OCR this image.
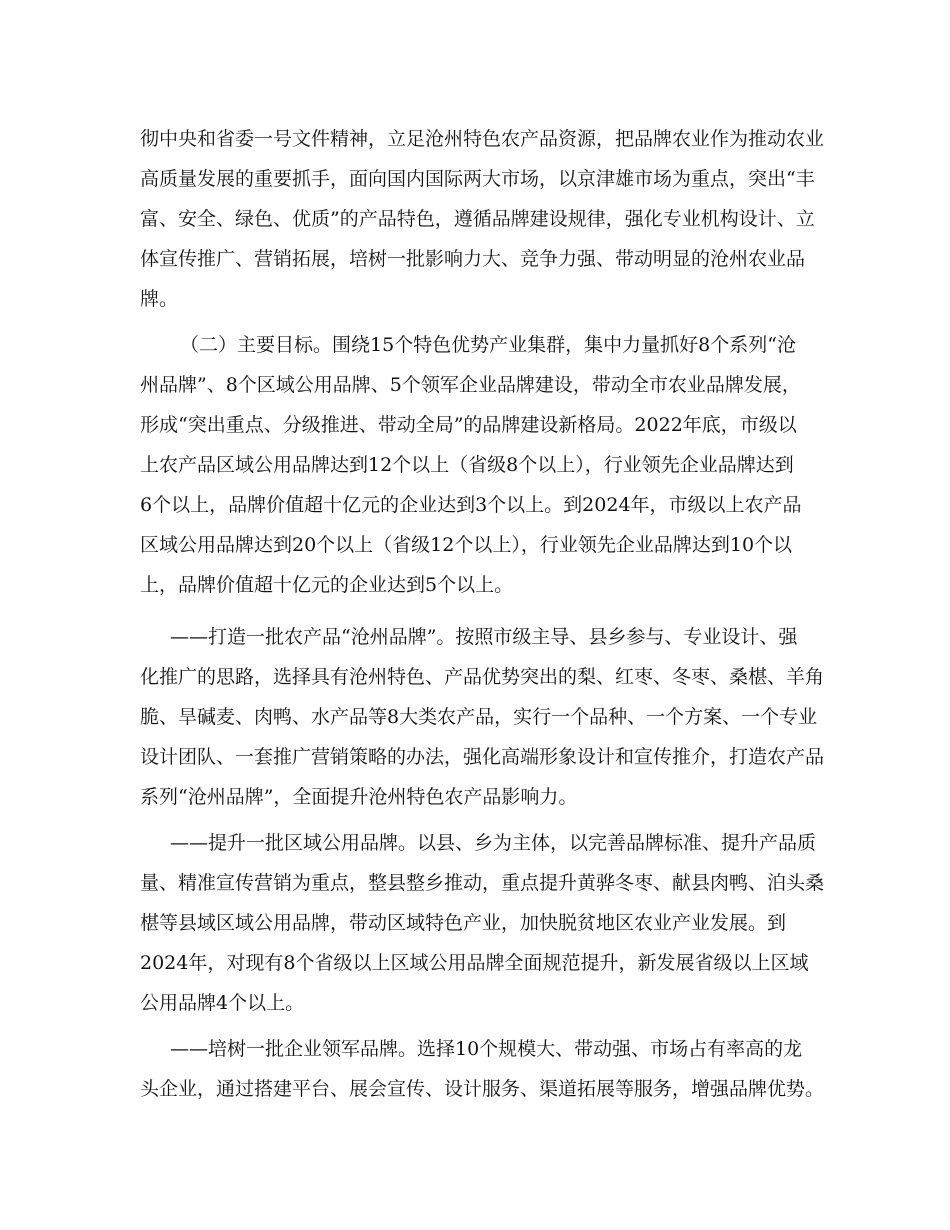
彻中央和省委一号文件精神，立足沧州特色农产品资源，把品牌农业作为推动农业

高质量发展的重要抓手，面向国内国际两大市场，以京津雄市场为重点，突出“丰

富、安全、绿色、优质”的产品特色，遵循品牌建设规律，强化专业机构设计、立

体宣传推广、营销拓展，培树一批影响力大、竞争力强、带动明显的沧州农业品

牌。

（二）主要目标。围绕15个特色优势产业集群，集中力量抓好8个系列“沧

州品牌”、8个区域公用品牌、5个领军企业品牌建设，带动全市农业品牌发展，

形成“突出重点、分级推进、带动全局”的品牌建设新格局。2022年底，市级以

上农产品区域公用品牌达到12个以上（省级8个以上），行业领先企业品牌达到

6个以上，品牌价值超十亿元的企业达到3个以上。到2024年，市级以上农产品

区域公用品牌达到20个以上（省级12个以上），行业领先企业品牌达到10个以

上，品牌价值超十亿元的企业达到5个以上。

——打造一批农产品“沧州品牌”。按照市级主导、县乡参与、专业设计、强

化推广的思路，选择具有沧州特色、产品优势突出的梨、红枣、冬枣、桑椹、羊角

脆、旱碱麦、肉鸭、水产品等8大类农产品，实行一个品种、一个方案、一个专业

设计团队、一套推广营销策略的办法，强化高端形象设计和宣传推介，打造农产品

系列“沧州品牌”，全面提升沧州特色农产品影响力。

——提升一批区域公用品牌。以县、乡为主体，以完善品牌标准、提升产品质

量、精准宣传营销为重点，整县整乡推动，重点提升黄骅冬枣、献县肉鸭、泊头桑

椹等县域区域公用品牌，带动区域特色产业，加快脱贫地区农业产业发展。到

2024年，对现有8个省级以上区域公用品牌全面规范提升，新发展省级以上区域

公用品牌4个以上。

——培树一批企业领军品牌。选择10个规模大、带动强、市场占有率高的龙

头企业，通过搭建平台、展会宣传、设计服务、渠道拓展等服务，增强品牌优势。
